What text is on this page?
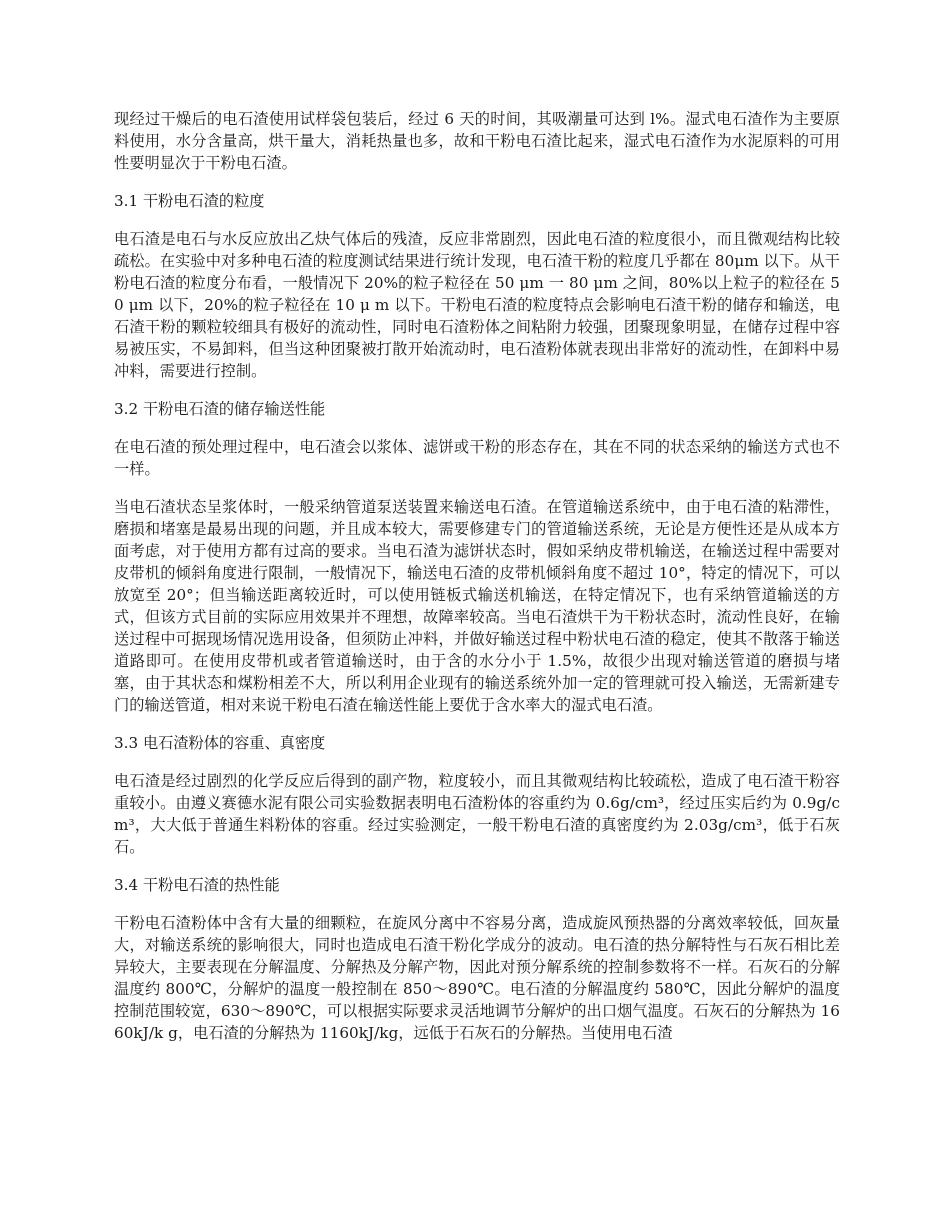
现经过干燥后的电石渣使用试样袋包装后，经过 6 天的时间，其吸潮量可达到 l%。湿式电石渣作为主要原料使用，水分含量高，烘干量大，消耗热量也多，故和干粉电石渣比起来，湿式电石渣作为水泥原料的可用性要明显次于干粉电石渣。

3.1 干粉电石渣的粒度

电石渣是电石与水反应放出乙炔气体后的残渣，反应非常剧烈，因此电石渣的粒度很小，而且微观结构比较疏松。在实验中对多种电石渣的粒度测试结果进行统计发现，电石渣干粉的粒度几乎都在 80μm 以下。从干粉电石渣的粒度分布看，一般情况下 20%的粒子粒径在 50 μm 一 80 μm 之间，80%以上粒子的粒径在 50 μm 以下，20%的粒子粒径在 10 μ m 以下。干粉电石渣的粒度特点会影响电石渣干粉的储存和输送，电石渣干粉的颗粒较细具有极好的流动性，同时电石渣粉体之间粘附力较强，团聚现象明显，在储存过程中容易被压实，不易卸料，但当这种团聚被打散开始流动时，电石渣粉体就表现出非常好的流动性，在卸料中易冲料，需要进行控制。

3.2 干粉电石渣的储存输送性能

在电石渣的预处理过程中，电石渣会以浆体、滤饼或干粉的形态存在，其在不同的状态采纳的输送方式也不一样。

当电石渣状态呈浆体时，一般采纳管道泵送装置来输送电石渣。在管道输送系统中，由于电石渣的粘滞性，磨损和堵塞是最易出现的问题，并且成本较大，需要修建专门的管道输送系统，无论是方便性还是从成本方面考虑，对于使用方都有过高的要求。当电石渣为滤饼状态时，假如采纳皮带机输送，在输送过程中需要对皮带机的倾斜角度进行限制，一般情况下，输送电石渣的皮带机倾斜角度不超过 10°，特定的情况下，可以放宽至 20°；但当输送距离较近时，可以使用链板式输送机输送，在特定情况下，也有采纳管道输送的方式，但该方式目前的实际应用效果并不理想，故障率较高。当电石渣烘干为干粉状态时，流动性良好，在输送过程中可据现场情况选用设备，但须防止冲料，并做好输送过程中粉状电石渣的稳定，使其不散落于输送道路即可。在使用皮带机或者管道输送时，由于含的水分小于 1.5%，故很少出现对输送管道的磨损与堵塞，由于其状态和煤粉相差不大，所以利用企业现有的输送系统外加一定的管理就可投入输送，无需新建专门的输送管道，相对来说干粉电石渣在输送性能上要优于含水率大的湿式电石渣。

3.3 电石渣粉体的容重、真密度

电石渣是经过剧烈的化学反应后得到的副产物，粒度较小，而且其微观结构比较疏松，造成了电石渣干粉容重较小。由遵义赛德水泥有限公司实验数据表明电石渣粉体的容重约为 0.6g/cm³，经过压实后约为 0.9g/cm³，大大低于普通生料粉体的容重。经过实验测定，一般干粉电石渣的真密度约为 2.03g/cm³，低于石灰石。

3.4 干粉电石渣的热性能

干粉电石渣粉体中含有大量的细颗粒，在旋风分离中不容易分离，造成旋风预热器的分离效率较低，回灰量大，对输送系统的影响很大，同时也造成电石渣干粉化学成分的波动。电石渣的热分解特性与石灰石相比差异较大，主要表现在分解温度、分解热及分解产物，因此对预分解系统的控制参数将不一样。石灰石的分解温度约 800℃，分解炉的温度一般控制在 850～890℃。电石渣的分解温度约 580℃，因此分解炉的温度控制范围较宽，630～890℃，可以根据实际要求灵活地调节分解炉的出口烟气温度。石灰石的分解热为 1660kJ/k g，电石渣的分解热为 1160kJ/kg，远低于石灰石的分解热。当使用电石渣
